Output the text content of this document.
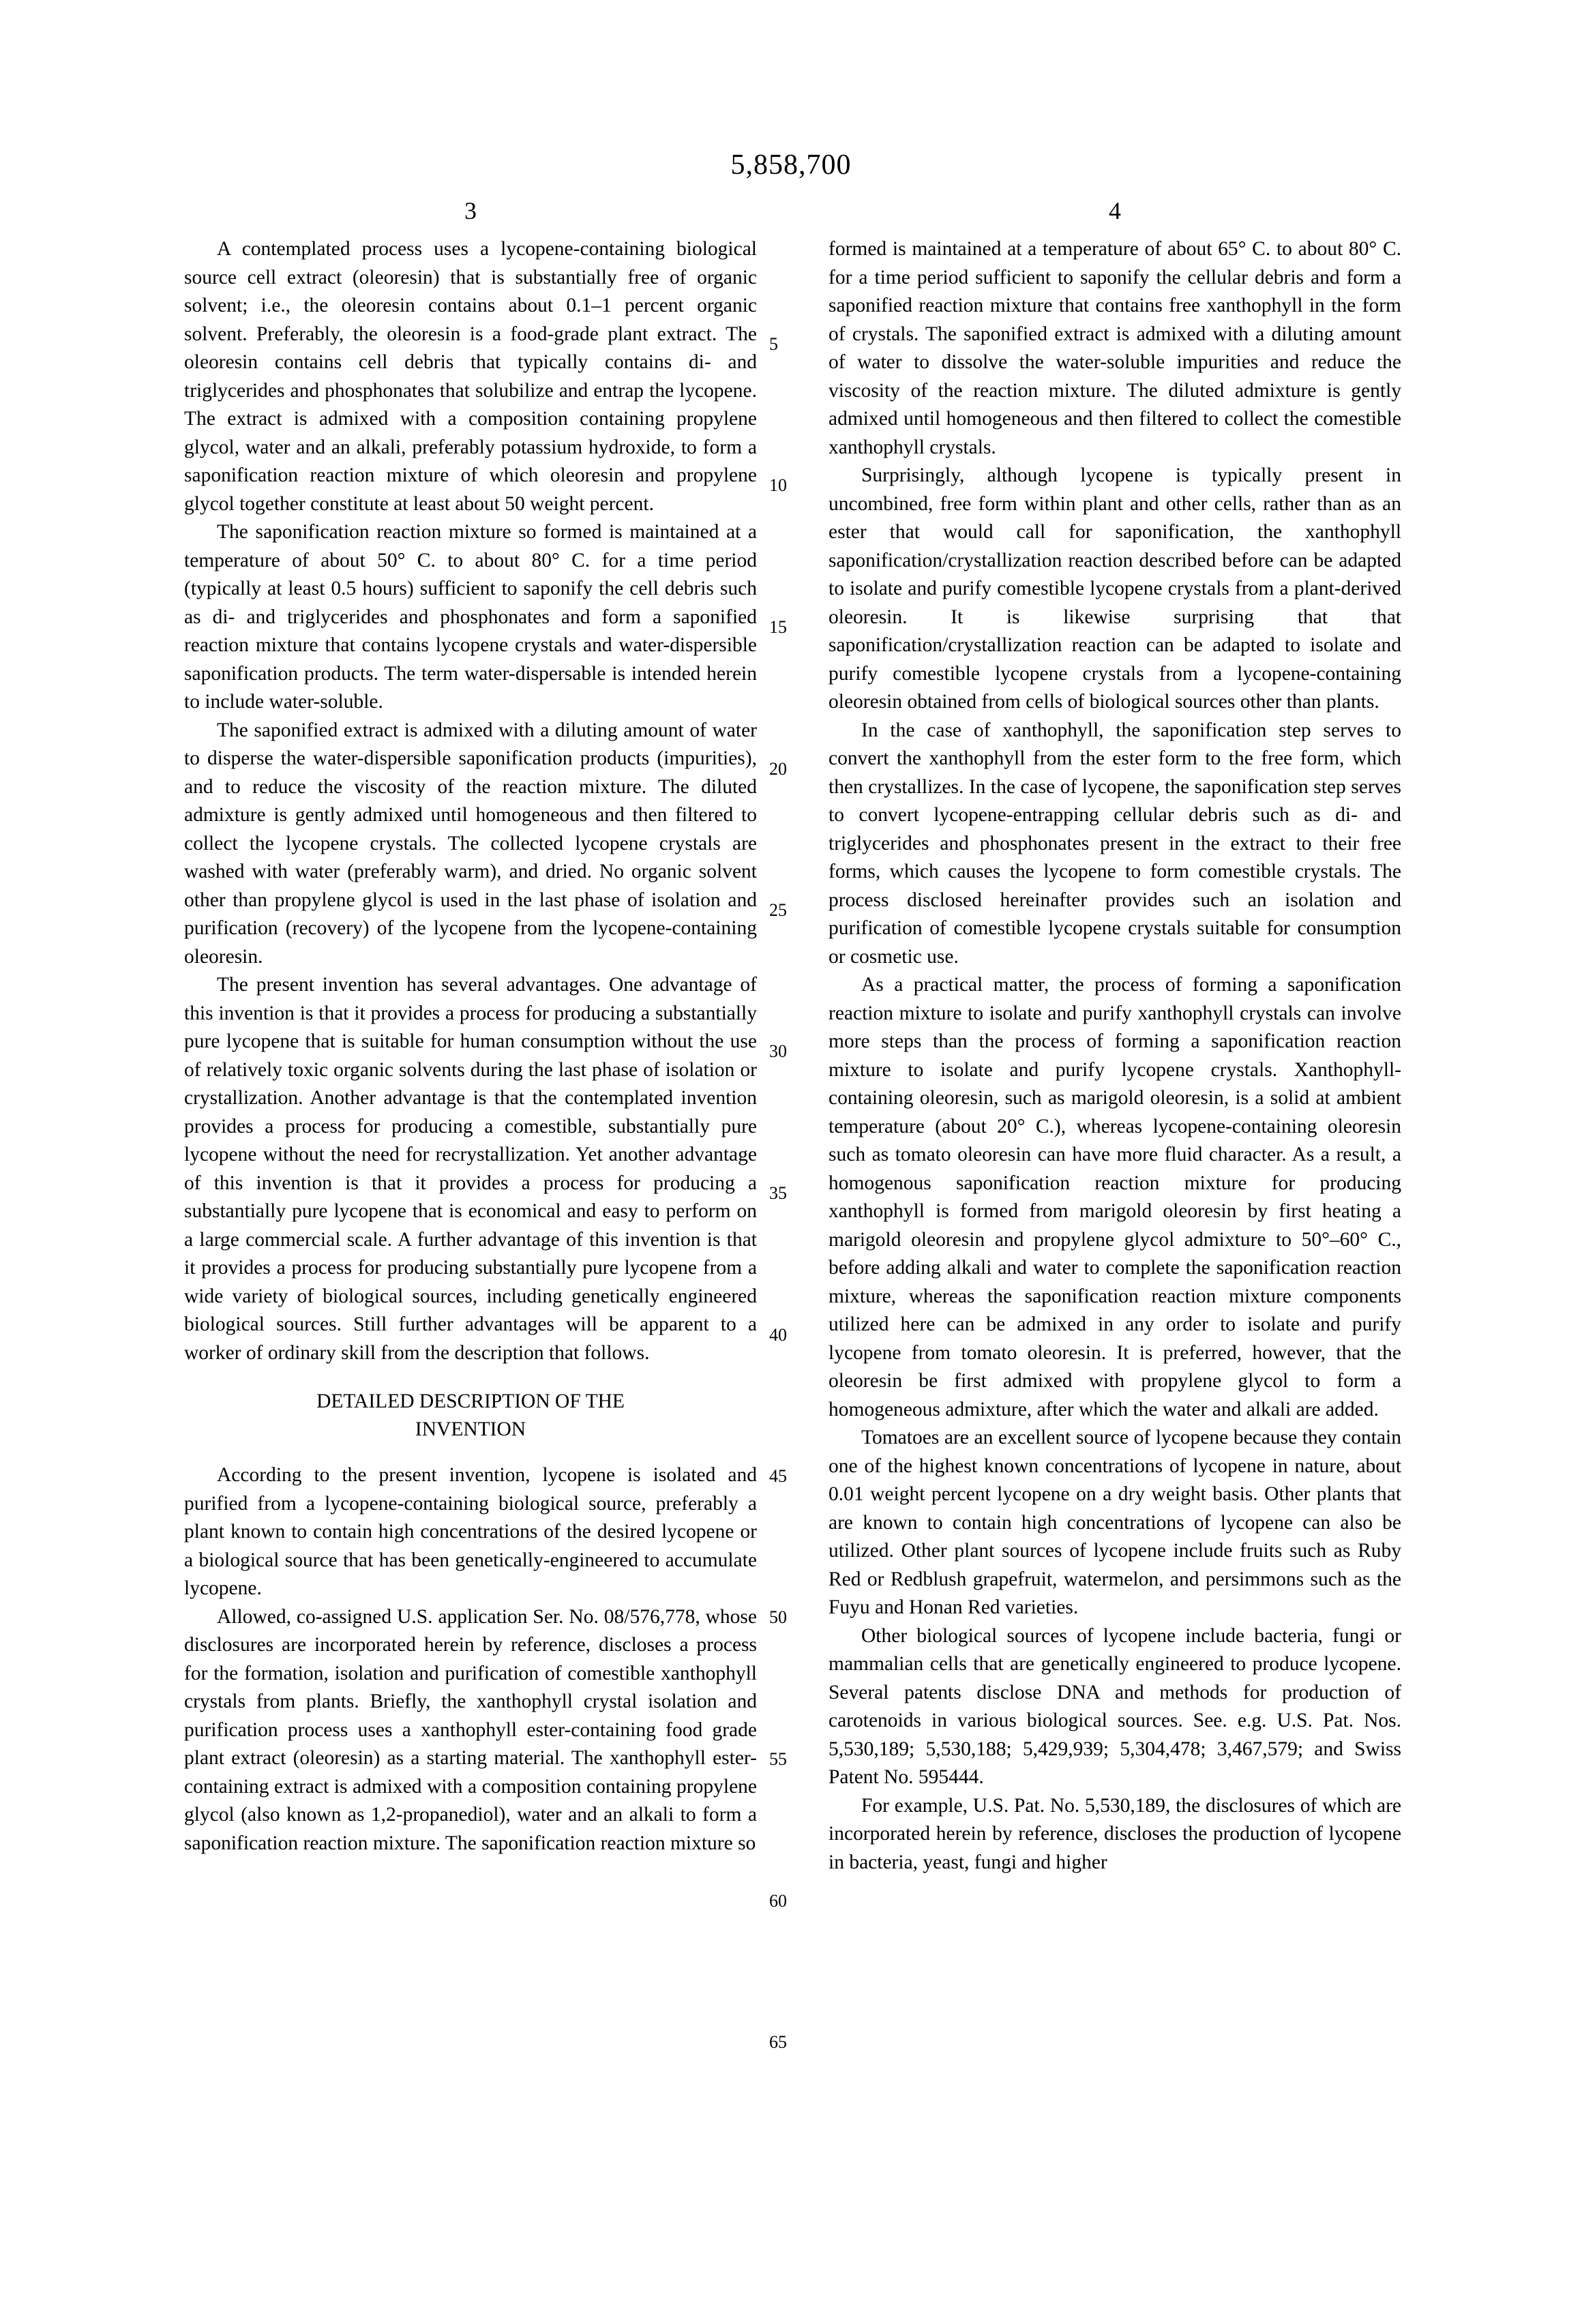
5,858,700
3	4
5
10
15
20
25
30
35
40
45
50
55
60
65

A contemplated process uses a lycopene-containing biological source cell extract (oleoresin) that is substantially free of organic solvent; i.e., the oleoresin contains about 0.1–1 percent organic solvent. Preferably, the oleoresin is a food-grade plant extract. The oleoresin contains cell debris that typically contains di- and triglycerides and phosphonates that solubilize and entrap the lycopene. The extract is admixed with a composition containing propylene glycol, water and an alkali, preferably potassium hydroxide, to form a saponification reaction mixture of which oleoresin and propylene glycol together constitute at least about 50 weight percent.

The saponification reaction mixture so formed is maintained at a temperature of about 50° C. to about 80° C. for a time period (typically at least 0.5 hours) sufficient to saponify the cell debris such as di- and triglycerides and phosphonates and form a saponified reaction mixture that contains lycopene crystals and water-dispersible saponification products. The term water-dispersable is intended herein to include water-soluble.

The saponified extract is admixed with a diluting amount of water to disperse the water-dispersible saponification products (impurities), and to reduce the viscosity of the reaction mixture. The diluted admixture is gently admixed until homogeneous and then filtered to collect the lycopene crystals. The collected lycopene crystals are washed with water (preferably warm), and dried. No organic solvent other than propylene glycol is used in the last phase of isolation and purification (recovery) of the lycopene from the lycopene-containing oleoresin.

The present invention has several advantages. One advantage of this invention is that it provides a process for producing a substantially pure lycopene that is suitable for human consumption without the use of relatively toxic organic solvents during the last phase of isolation or crystallization. Another advantage is that the contemplated invention provides a process for producing a comestible, substantially pure lycopene without the need for recrystallization. Yet another advantage of this invention is that it provides a process for producing a substantially pure lycopene that is economical and easy to perform on a large commercial scale. A further advantage of this invention is that it provides a process for producing substantially pure lycopene from a wide variety of biological sources, including genetically engineered biological sources. Still further advantages will be apparent to a worker of ordinary skill from the description that follows.

DETAILED DESCRIPTION OF THE

INVENTION

According to the present invention, lycopene is isolated and purified from a lycopene-containing biological source, preferably a plant known to contain high concentrations of the desired lycopene or a biological source that has been genetically-engineered to accumulate lycopene.

Allowed, co-assigned U.S. application Ser. No. 08/576,778, whose disclosures are incorporated herein by reference, discloses a process for the formation, isolation and purification of comestible xanthophyll crystals from plants. Briefly, the xanthophyll crystal isolation and purification process uses a xanthophyll ester-containing food grade plant extract (oleoresin) as a starting material. The xanthophyll ester-containing extract is admixed with a composition containing propylene glycol (also known as 1,2-propanediol), water and an alkali to form a saponification reaction mixture. The saponification reaction mixture so

formed is maintained at a temperature of about 65° C. to about 80° C. for a time period sufficient to saponify the cellular debris and form a saponified reaction mixture that contains free xanthophyll in the form of crystals. The saponified extract is admixed with a diluting amount of water to dissolve the water-soluble impurities and reduce the viscosity of the reaction mixture. The diluted admixture is gently admixed until homogeneous and then filtered to collect the comestible xanthophyll crystals.

Surprisingly, although lycopene is typically present in uncombined, free form within plant and other cells, rather than as an ester that would call for saponification, the xanthophyll saponification/crystallization reaction described before can be adapted to isolate and purify comestible lycopene crystals from a plant-derived oleoresin. It is likewise surprising that that saponification/crystallization reaction can be adapted to isolate and purify comestible lycopene crystals from a lycopene-containing oleoresin obtained from cells of biological sources other than plants.

In the case of xanthophyll, the saponification step serves to convert the xanthophyll from the ester form to the free form, which then crystallizes. In the case of lycopene, the saponification step serves to convert lycopene-entrapping cellular debris such as di- and triglycerides and phosphonates present in the extract to their free forms, which causes the lycopene to form comestible crystals. The process disclosed hereinafter provides such an isolation and purification of comestible lycopene crystals suitable for consumption or cosmetic use.

As a practical matter, the process of forming a saponification reaction mixture to isolate and purify xanthophyll crystals can involve more steps than the process of forming a saponification reaction mixture to isolate and purify lycopene crystals. Xanthophyll-containing oleoresin, such as marigold oleoresin, is a solid at ambient temperature (about 20° C.), whereas lycopene-containing oleoresin such as tomato oleoresin can have more fluid character. As a result, a homogenous saponification reaction mixture for producing xanthophyll is formed from marigold oleoresin by first heating a marigold oleoresin and propylene glycol admixture to 50°–60° C., before adding alkali and water to complete the saponification reaction mixture, whereas the saponification reaction mixture components utilized here can be admixed in any order to isolate and purify lycopene from tomato oleoresin. It is preferred, however, that the oleoresin be first admixed with propylene glycol to form a homogeneous admixture, after which the water and alkali are added.

Tomatoes are an excellent source of lycopene because they contain one of the highest known concentrations of lycopene in nature, about 0.01 weight percent lycopene on a dry weight basis. Other plants that are known to contain high concentrations of lycopene can also be utilized. Other plant sources of lycopene include fruits such as Ruby Red or Redblush grapefruit, watermelon, and persimmons such as the Fuyu and Honan Red varieties.

Other biological sources of lycopene include bacteria, fungi or mammalian cells that are genetically engineered to produce lycopene. Several patents disclose DNA and methods for production of carotenoids in various biological sources. See. e.g. U.S. Pat. Nos. 5,530,189; 5,530,188; 5,429,939; 5,304,478; 3,467,579; and Swiss Patent No. 595444.

For example, U.S. Pat. No. 5,530,189, the disclosures of which are incorporated herein by reference, discloses the production of lycopene in bacteria, yeast, fungi and higher
